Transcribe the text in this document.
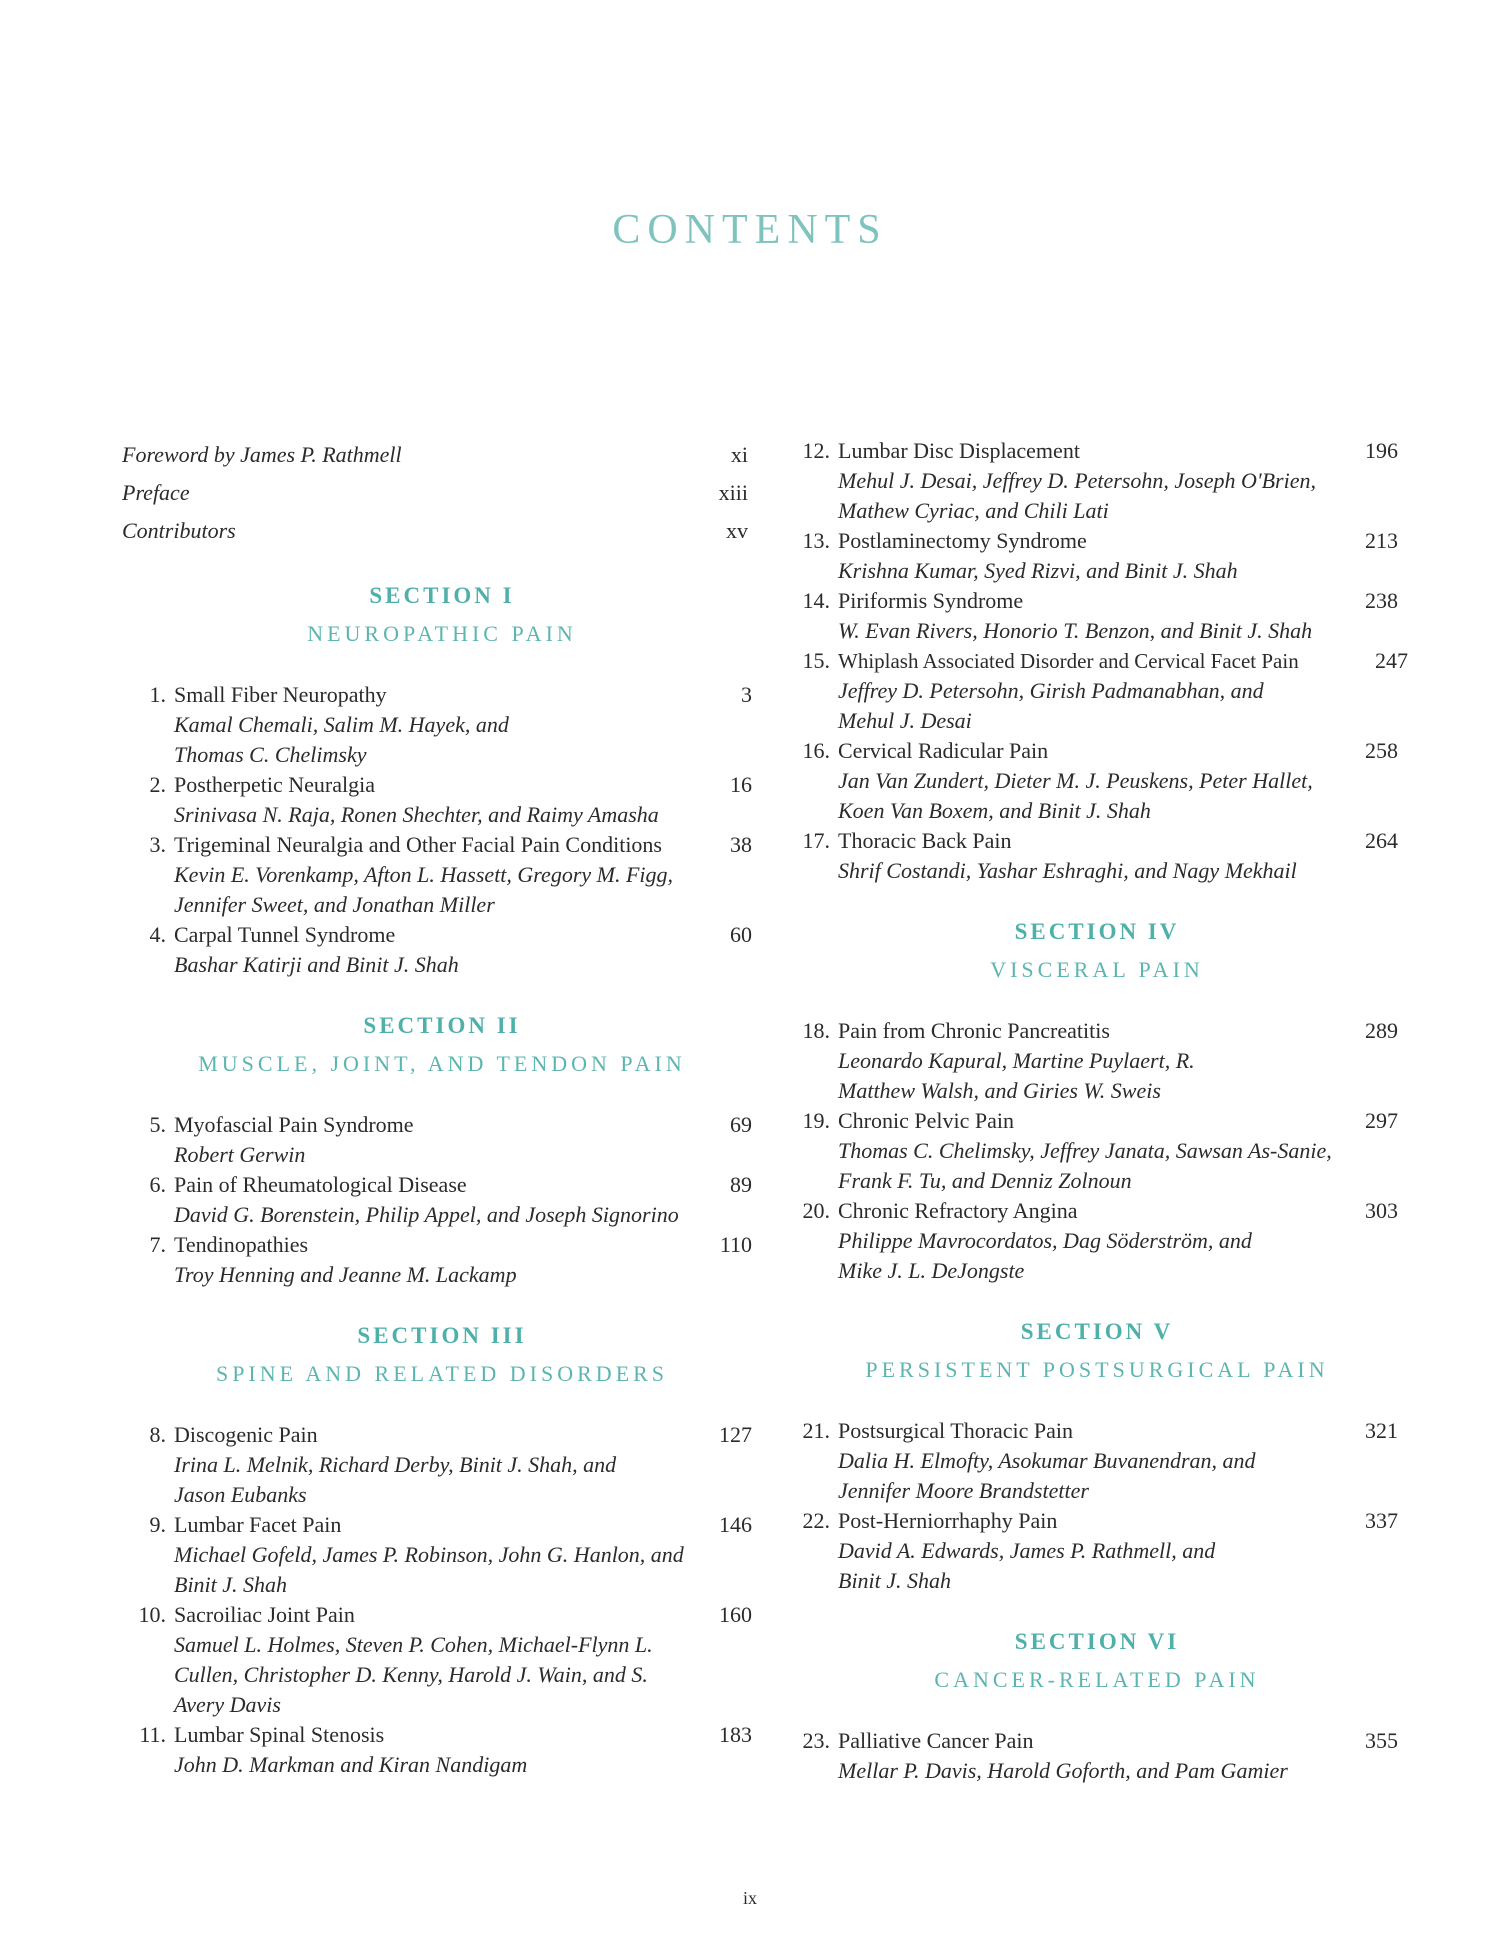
CONTENTS
Foreword by James P. Rathmell	xi
Preface	xiii
Contributors	xv
SECTION I
NEUROPATHIC PAIN
1. Small Fiber Neuropathy	3
Kamal Chemali, Salim M. Hayek, and Thomas C. Chelimsky
2. Postherpetic Neuralgia	16
Srinivasa N. Raja, Ronen Shechter, and Raimy Amasha
3. Trigeminal Neuralgia and Other Facial Pain Conditions	38
Kevin E. Vorenkamp, Afton L. Hassett, Gregory M. Figg, Jennifer Sweet, and Jonathan Miller
4. Carpal Tunnel Syndrome	60
Bashar Katirji and Binit J. Shah
SECTION II
MUSCLE, JOINT, AND TENDON PAIN
5. Myofascial Pain Syndrome	69
Robert Gerwin
6. Pain of Rheumatological Disease	89
David G. Borenstein, Philip Appel, and Joseph Signorino
7. Tendinopathies	110
Troy Henning and Jeanne M. Lackamp
SECTION III
SPINE AND RELATED DISORDERS
8. Discogenic Pain	127
Irina L. Melnik, Richard Derby, Binit J. Shah, and Jason Eubanks
9. Lumbar Facet Pain	146
Michael Gofeld, James P. Robinson, John G. Hanlon, and Binit J. Shah
10. Sacroiliac Joint Pain	160
Samuel L. Holmes, Steven P. Cohen, Michael-Flynn L. Cullen, Christopher D. Kenny, Harold J. Wain, and S. Avery Davis
11. Lumbar Spinal Stenosis	183
John D. Markman and Kiran Nandigam
12. Lumbar Disc Displacement	196
Mehul J. Desai, Jeffrey D. Petersohn, Joseph O'Brien, Mathew Cyriac, and Chili Lati
13. Postlaminectomy Syndrome	213
Krishna Kumar, Syed Rizvi, and Binit J. Shah
14. Piriformis Syndrome	238
W. Evan Rivers, Honorio T. Benzon, and Binit J. Shah
15. Whiplash Associated Disorder and Cervical Facet Pain	247
Jeffrey D. Petersohn, Girish Padmanabhan, and Mehul J. Desai
16. Cervical Radicular Pain	258
Jan Van Zundert, Dieter M. J. Peuskens, Peter Hallet, Koen Van Boxem, and Binit J. Shah
17. Thoracic Back Pain	264
Shrif Costandi, Yashar Eshraghi, and Nagy Mekhail
SECTION IV
VISCERAL PAIN
18. Pain from Chronic Pancreatitis	289
Leonardo Kapural, Martine Puylaert, R. Matthew Walsh, and Giries W. Sweis
19. Chronic Pelvic Pain	297
Thomas C. Chelimsky, Jeffrey Janata, Sawsan As-Sanie, Frank F. Tu, and Denniz Zolnoun
20. Chronic Refractory Angina	303
Philippe Mavrocordatos, Dag Söderström, and Mike J. L. DeJongste
SECTION V
PERSISTENT POSTSURGICAL PAIN
21. Postsurgical Thoracic Pain	321
Dalia H. Elmofty, Asokumar Buvanendran, and Jennifer Moore Brandstetter
22. Post-Herniorrhaphy Pain	337
David A. Edwards, James P. Rathmell, and Binit J. Shah
SECTION VI
CANCER-RELATED PAIN
23. Palliative Cancer Pain	355
Mellar P. Davis, Harold Goforth, and Pam Gamier
ix
